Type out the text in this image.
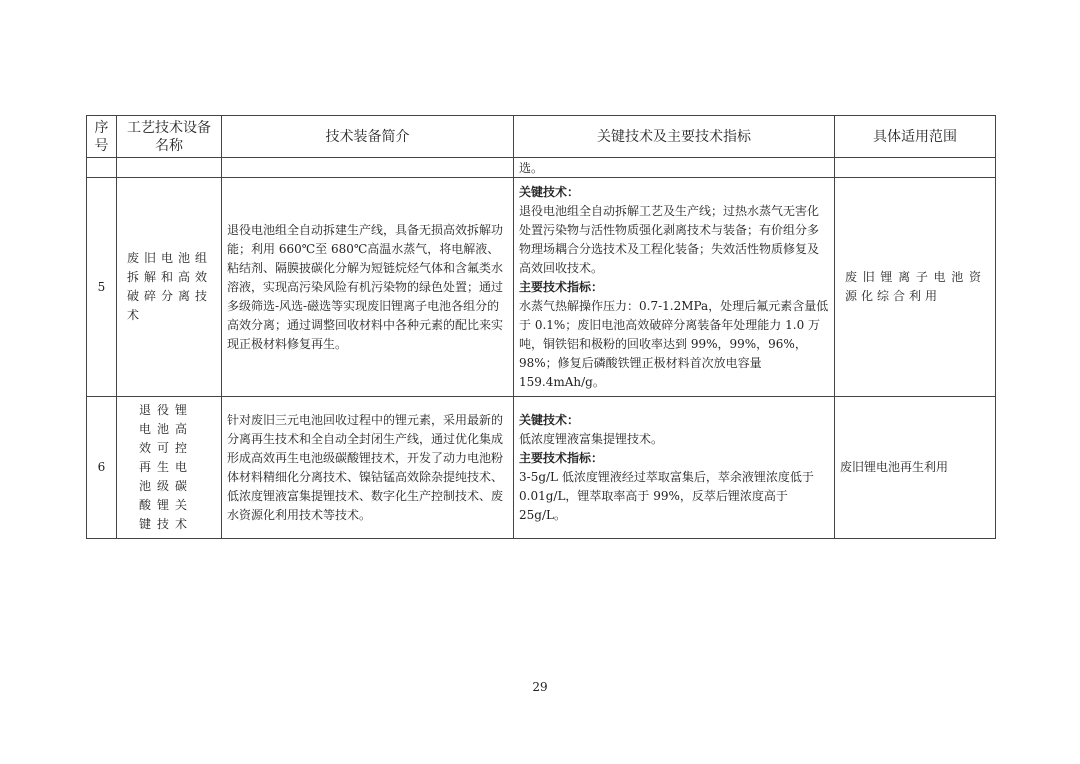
序号	工艺技术设备名称	技术装备简介	关键技术及主要技术指标	具体适用范围
			选。	
5	废旧电池组拆解和高效破碎分离技术	退役电池组全自动拆建生产线，具备无损高效拆解功能；利用 660℃至 680℃高温水蒸气，将电解液、粘结剂、隔膜披碳化分解为短链烷烃气体和含氟类水溶液，实现高污染风险有机污染物的绿色处置；通过多级筛选-风选-磁选等实现废旧锂离子电池各组分的高效分离；通过调整回收材料中各种元素的配比来实现正极材料修复再生。	关键技术：

退役电池组全自动拆解工艺及生产线；过热水蒸气无害化处置污染物与活性物质强化剥离技术与装备；有价组分多物理场耦合分选技术及工程化装备；失效活性物质修复及高效回收技术。

主要技术指标：

水蒸气热解操作压力：0.7-1.2MPa，处理后氟元素含量低于 0.1%；废旧电池高效破碎分离装备年处理能力 1.0 万吨，铜铁铝和极粉的回收率达到 99%，99%，96%，98%；修复后磷酸铁锂正极材料首次放电容量 159.4mAh/g。	废旧锂离子电池资源化综合利用
6	退役锂电池高效可控再生电池级碳酸锂关键技术	针对废旧三元电池回收过程中的锂元素，采用最新的分离再生技术和全自动全封闭生产线，通过优化集成形成高效再生电池级碳酸锂技术，开发了动力电池粉体材料精细化分离技术、镍钴锰高效除杂提纯技术、低浓度锂液富集提锂技术、数字化生产控制技术、废水资源化利用技术等技术。	关键技术：

低浓度锂液富集提锂技术。

主要技术指标：

3-5g/L 低浓度锂液经过萃取富集后，萃余液锂浓度低于 0.01g/L，锂萃取率高于 99%，反萃后锂浓度高于 25g/L。	废旧锂电池再生利用
29
